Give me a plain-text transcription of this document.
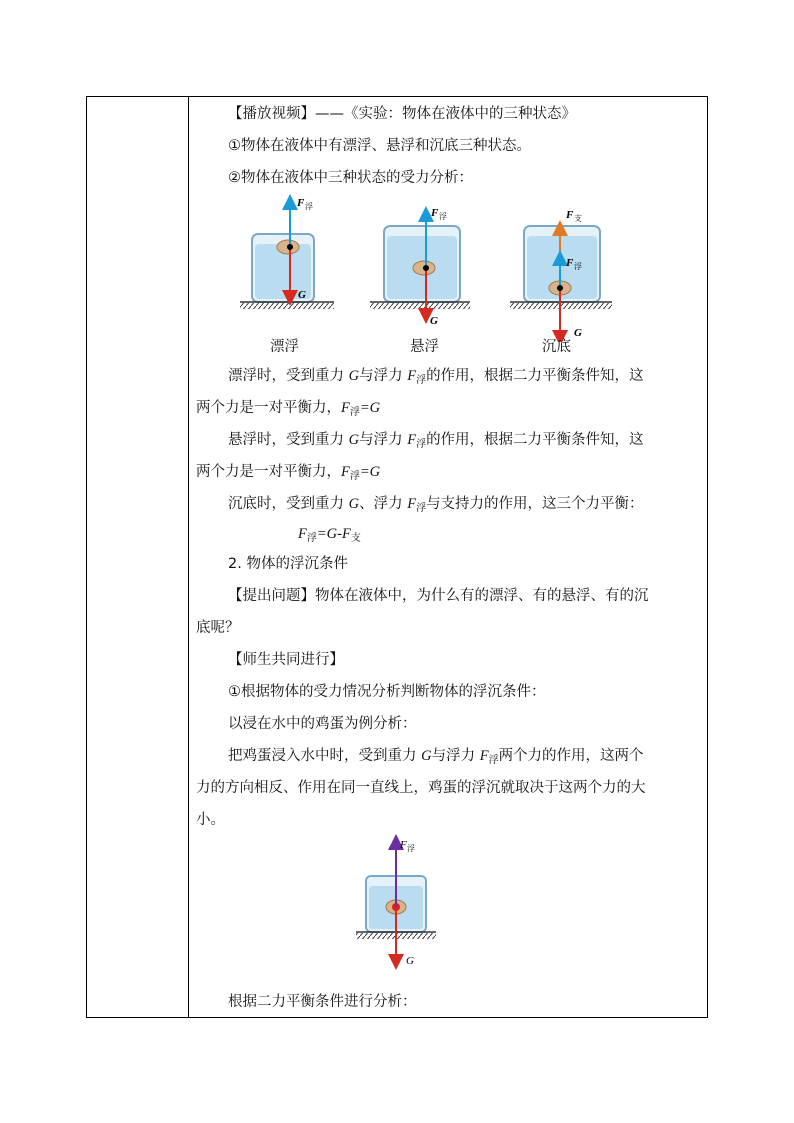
【播放视频】——《实验：物体在液体中的三种状态》
①物体在液体中有漂浮、悬浮和沉底三种状态。
②物体在液体中三种状态的受力分析：
F 浮
G
F 浮
G
F 支
F 浮
G
漂浮	悬浮	沉底
漂浮时，受到重力 G与浮力 $F_浮$的作用，根据二力平衡条件知，这
两个力是一对平衡力，$F_浮=G$
悬浮时，受到重力 G与浮力 $F_浮$的作用，根据二力平衡条件知，这
两个力是一对平衡力，$F_浮=G$
沉底时，受到重力 G、浮力 $F_浮$与支持力的作用，这三个力平衡：
$F_浮=G-F_支$
2. 物体的浮沉条件
【提出问题】物体在液体中，为什么有的漂浮、有的悬浮、有的沉
底呢？
【师生共同进行】
①根据物体的受力情况分析判断物体的浮沉条件：
以浸在水中的鸡蛋为例分析：
把鸡蛋浸入水中时，受到重力 G与浮力 $F_浮$两个力的作用，这两个
力的方向相反、作用在同一直线上，鸡蛋的浮沉就取决于这两个力的大
小。
F 浮
G
根据二力平衡条件进行分析：
